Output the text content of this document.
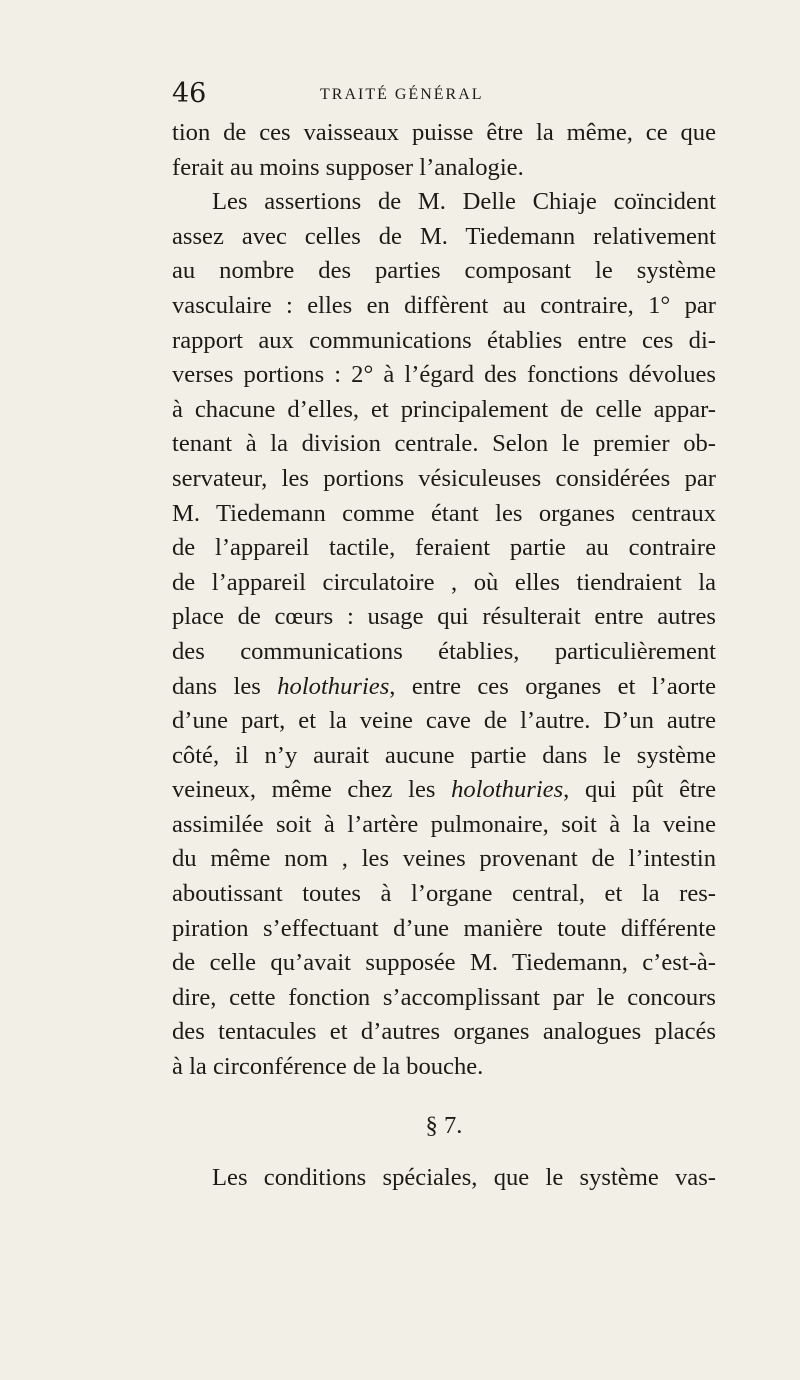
46	TRAITÉ GÉNÉRAL
tion de ces vaisseaux puisse être la même, ce que
ferait au moins supposer l’analogie.
Les assertions de M. Delle Chiaje coïncident
assez avec celles de M. Tiedemann relativement
au nombre des parties composant le système
vasculaire : elles en diffèrent au contraire, 1° par
rapport aux communications établies entre ces di-
verses portions : 2° à l’égard des fonctions dévolues
à chacune d’elles, et principalement de celle appar-
tenant à la division centrale. Selon le premier ob-
servateur, les portions vésiculeuses considérées par
M. Tiedemann comme étant les organes centraux
de l’appareil tactile, feraient partie au contraire
de l’appareil circulatoire , où elles tiendraient la
place de cœurs : usage qui résulterait entre autres
des communications établies, particulièrement
dans les holothuries, entre ces organes et l’aorte
d’une part, et la veine cave de l’autre. D’un autre
côté, il n’y aurait aucune partie dans le système
veineux, même chez les holothuries, qui pût être
assimilée soit à l’artère pulmonaire, soit à la veine
du même nom , les veines provenant de l’intestin
aboutissant toutes à l’organe central, et la res-
piration s’effectuant d’une manière toute différente
de celle qu’avait supposée M. Tiedemann, c’est-à-
dire, cette fonction s’accomplissant par le concours
des tentacules et d’autres organes analogues placés
à la circonférence de la bouche.
§ 7.
Les conditions spéciales, que le système vas-
